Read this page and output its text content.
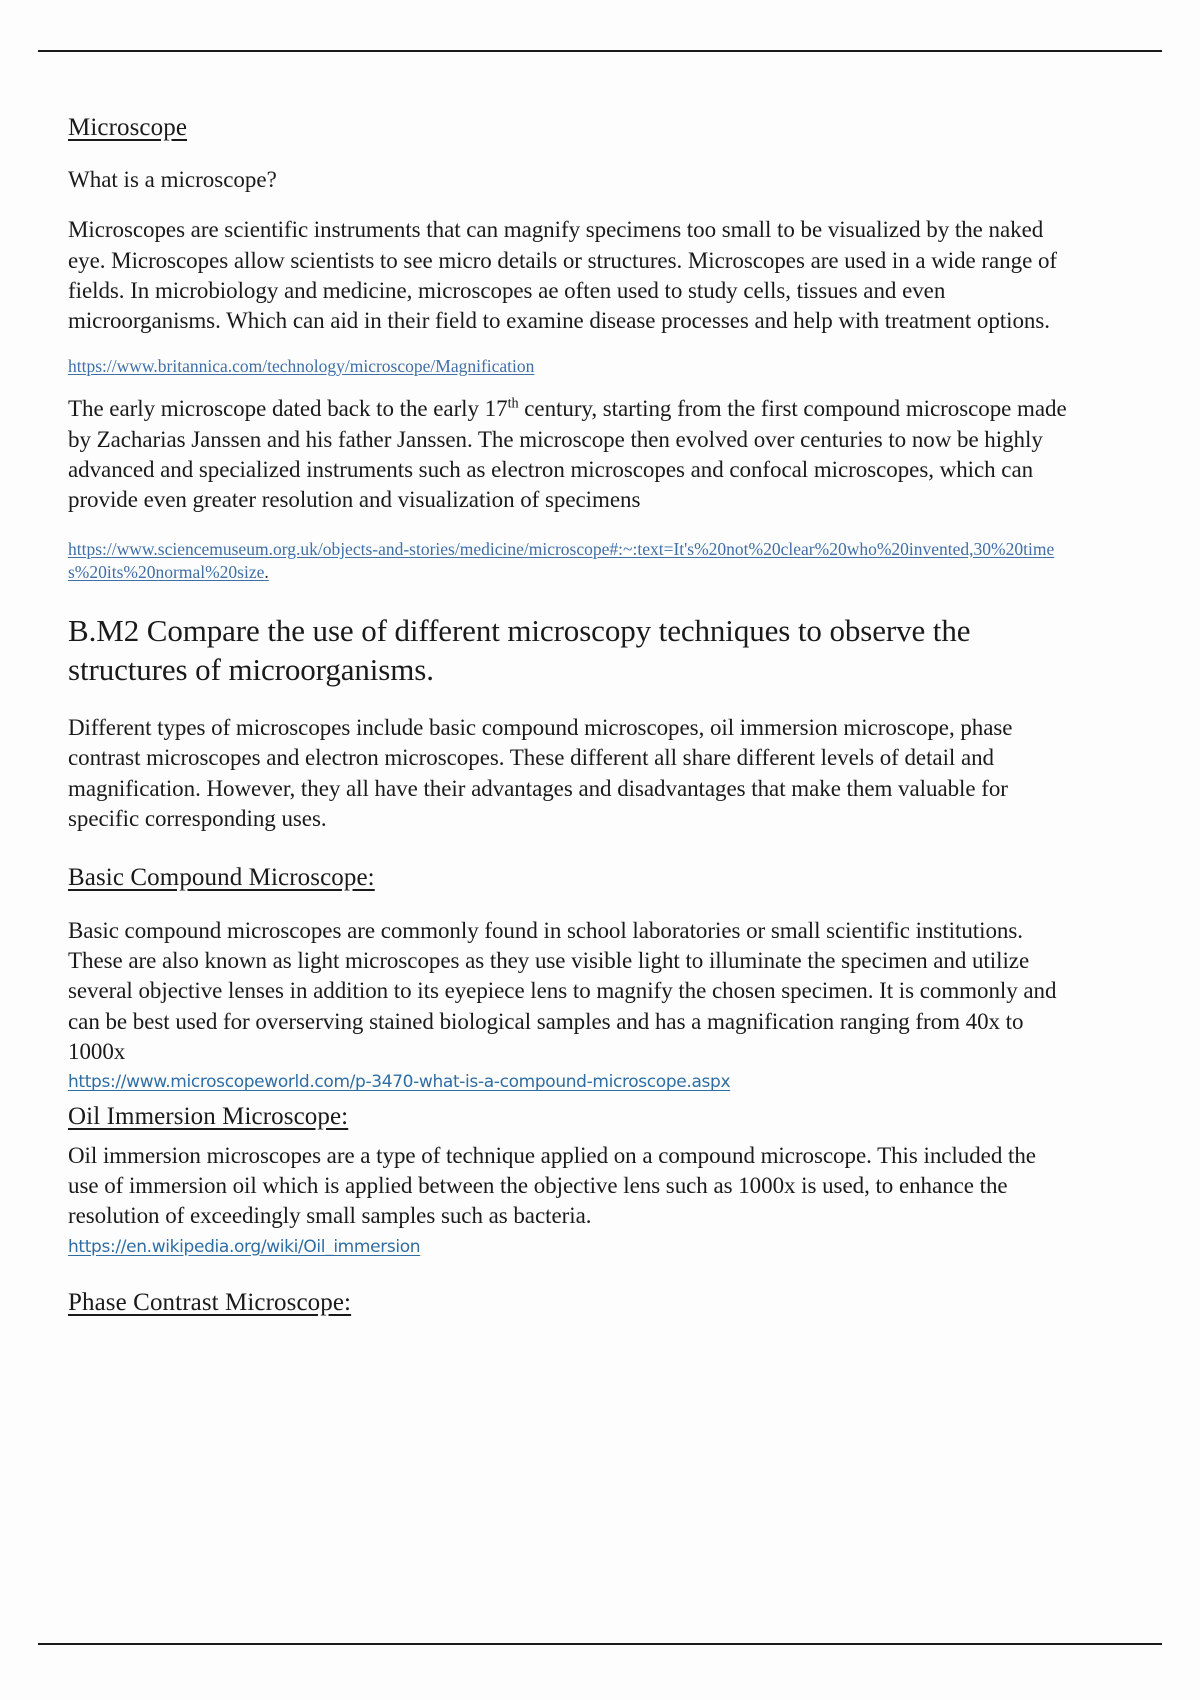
Microscope
What is a microscope?

Microscopes are scientific instruments that can magnify specimens too small to be visualized by the naked eye. Microscopes allow scientists to see micro details or structures. Microscopes are used in a wide range of fields. In microbiology and medicine, microscopes ae often used to study cells, tissues and even microorganisms. Which can aid in their field to examine disease processes and help with treatment options.

https://www.britannica.com/technology/microscope/Magnification

The early microscope dated back to the early 17th century, starting from the first compound microscope made by Zacharias Janssen and his father Janssen. The microscope then evolved over centuries to now be highly advanced and specialized instruments such as electron microscopes and confocal microscopes, which can provide even greater resolution and visualization of specimens

https://www.sciencemuseum.org.uk/objects-and-stories/medicine/microscope#:~:text=It's%20not%20clear%20who%20invented,30%20times%20its%20normal%20size.
B.M2 Compare the use of different microscopy techniques to observe the structures of microorganisms.

Different types of microscopes include basic compound microscopes, oil immersion microscope, phase contrast microscopes and electron microscopes. These different all share different levels of detail and magnification. However, they all have their advantages and disadvantages that make them valuable for specific corresponding uses.

Basic Compound Microscope:

Basic compound microscopes are commonly found in school laboratories or small scientific institutions. These are also known as light microscopes as they use visible light to illuminate the specimen and utilize several objective lenses in addition to its eyepiece lens to magnify the chosen specimen. It is commonly and can be best used for overserving stained biological samples and has a magnification ranging from 40x to 1000x

https://www.microscopeworld.com/p-3470-what-is-a-compound-microscope.aspx
Oil Immersion Microscope:

Oil immersion microscopes are a type of technique applied on a compound microscope. This included the use of immersion oil which is applied between the objective lens such as 1000x is used, to enhance the resolution of exceedingly small samples such as bacteria.

https://en.wikipedia.org/wiki/Oil_immersion
Phase Contrast Microscope:
